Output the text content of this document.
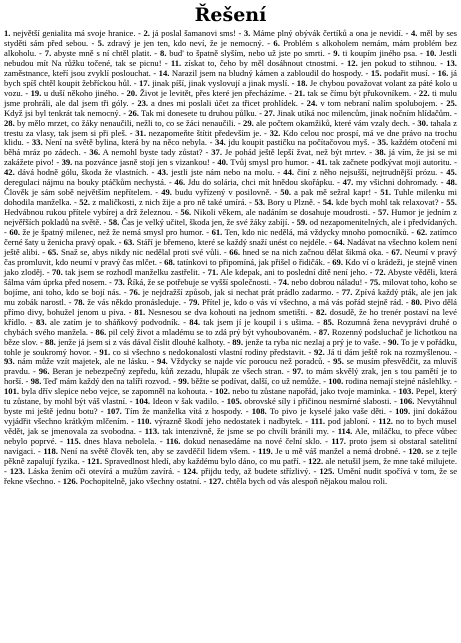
Řešení

1. největší genialita má svoje hranice. - 2. já poslal šamanovi sms! - 3. Máme plný obývák čertíků a ona je nevidí. - 4. měl by ses styděti sám před sebou. - 5. zdravý je jen ten, kdo neví, že je nemocný. - 6. Problém s alkoholem nemám, mám problém bez alkoholu. - 7. abyste mně s ní chtěl platit. - 8. bud' to špatně slyším, nebo už jste po smrti. - 9. ti koupím jiného psa. - 10. Jestli nebudou mít Na růžku točené, tak se picnu! - 11. získat to, čeho by měl dosáhnout ctnostmi. - 12. jen pokud to stihnou. - 13. zaměstnance, kteří jsou zvyklí poslouchat. - 14. Narazil jsem na bludný kámen a zabloudil do hospody. - 15. podařit musí. - 16. já bych spíš chtěl koupit žebříckou hůl. - 17. jinak píší, jinak vyslovují a jinak myslí. - 18. Je chybou považovat volant za páté kolo u vozu. - 19. u duší někoho jiného. - 20. Život je levitět, přes které jen přecházíme. - 21. tak se čímu být přukovníkem. - 22. ti mulu jsme prohráli, ale dal jsem tři góly. - 23. a dnes mi poslali účet za třicet prohlídek. - 24. v tom nebraní nalím spolubojem. - 25. Když jsi byl tenkrát tak nemocný. - 26. Tak mi donesete tu druhou půlku. - 27. Jinak utíká noc milencům, jinak nočním hlídačům. - 28. by mělo mrzet, co žáky nenaučili, nežli to, co se žáci nenaučili. - 29. ale počtem okamžiků, které vám vzaly dech. - 30. tahala z trestu za vlasy, tak jsem si při pleš. - 31. nezapomeňte štítit především je. - 32. Kdo celou noc prospí, má ve dne právo na trochu klidu. - 33. Není na světě bylina, která by na něco nebyla. - 34. jdu koupit pastičku na počítačovou myš. - 35. každém otočení mi běhá mráz po zádech. - 36. A nemohl byste tady zůstat? - 37. Je pohád ještě lepší žvat, než být mrtev. - 38. já vím, že jsi se mi zakážete pivo! - 39. na pozvánce jasně stojí jen s vizankou! - 40. Tvůj smysl pro humor. - 41. tak začnete podkývat moji autoritu. - 42. dává hodně gólu, škoda že vlastních. - 43. jestli jste nám nebo na molu. - 44. činí z něho nejsušší, nejtrudnější prózu. - 45. deregulaci nájmu na bouky ptáčkům nechystá. - 46. Jdu do solária, chci mít hnědou skořápku. - 47. my všichni dohromady. - 48. Člověk je sám sobě největším nepřítelem. - 49. budu vyřízený v posilovně. - 50. a pak mě sežral kapr! - 51. Tuhle milenku mi dohodila manželka. - 52. z maličkosti, z nich žije a pro ně také umírá. - 53. Bory u Plzně. - 54. kde bych mohl tak relaxovat? - 55. Hedvábnou rukou přítele vybírej a drž železnou. - 56. Nikoli věkem, ale nadáním se dosahuje moudrosti. - 57. Humor je jedním z nejvěřších pokladů na světě. - 58. Čas je velký učitel, škoda jen, že své žáky zabíjí. - 59. od nezapomenitelných, ale i předvídaných. - 60. že je špatný milenec, než že nemá smysl pro humor. - 61. Ten, kdo nic nedělá, má vždycky mnoho pomocníků. - 62. zatímco černé šaty u ženicha pravý opak. - 63. Stáří je břemeno, které se každý snaží unést co nejdéle. - 64. Nadávat na všechno kolem není ještě alibi. - 65. Snaž se, abys nikdy nic nedělal proti své vůli. - 66. hned se na nich začnou dělat šikmá oka. - 67. Neumí v pravý čas promluvit, kdo neumí v pravý čas mlčet. - 68. tatínkovi to připomíná, jak přišel o řidičák. - 69. Kdo ví o krádeži, je stejně vinen jako zloděj. - 70. tak jsem se rozhodl manželku zastřelit. - 71. Ale kdepak, ani to poslední dítě není jeho. - 72. Abyste věděli, která šálma vám úprka před nosem. - 73. Říká, že se potřebuje se vyšší společnosti. - 74. nebo dobrou náladu! - 75. milovat toho, koho se bojíme, ani toho, kdo se bojí nás. - 76. je nejdražší způsob, jak si nechat prát prádlo zadarmo. - 77. Zpívá každý pták, ale jen jak mu zobák narostl. - 78. že vás někdo pronásleduje. - 79. Přítel je, kdo o vás ví všechno, a má vás pořád stejně rád. - 80. Pivo dělá přímo divy, bohužel jenom u piva. - 81. Nesnesou se dva kohouti na jednom smetišti. - 82. dosudě, že ho trenér postaví na levé křídlo. - 83. ale zatím je to sháňkový podvodník. - 84. tak jsem jí je koupil i s ušima. - 85. Rozumná žena nevyprávi druhé o chybách svého manžela. - 86. pil celý život a mladému se to zdá prý být vyhoubovaném. - 87. Rozenný podsluchač je lichotkou na běze slov. - 88. jenže já jsem si z vás dával číslit dlouhé kalhoty. - 89. jenže ta ryba nic nezlaj a prý je to vaše. - 90. To je v pořádku, tohle je soukromý hovor. - 91. co si všechno s nedokonalostí vlastní rodiny představit. - 92. Já ti dám ještě rok na rozmyšlenou. - 93. nám může vzít majetek, ale ne lásku. - 94. Vždycky se najde víc poroucu než poradců. - 95. se musím přesvědčit, za mluvíš pravdu. - 96. Beran je nebezpečný zepředu, kůň zezadu, hlupák ze všech stran. - 97. to mám skvělý zrak, jen s tou pamětí je to horší. - 98. Teď mám každý den na talíři rozvod. - 99. běžte se podívat, další, co už nemůže. - 100. rodina nemají stejné náslehlky. - 101. byla dřív slepice nebo vejce, se zapomněl na kohouta. - 102. nebo tu zůstane napořád, jako tvoje maminka. - 103. Pepel, který tu zůstane, by mohl být váš vlastní. - 104. Ideon v šak vadilo. - 105. obrovské síly i přičinou nesmírné slabosti. - 106. Nevytáhnul byste mi ještě jednu botu? - 107. Tím že manželka vítá z hospody. - 108. To pivo je kyselé jako vaše děti. - 109. jiní dokážou vyjádřit všechno krátkým mlčením. - 110. výrazně škodí jeho nedostatek i nadbytek. - 111. pod jabloní. - 112. no to bych musel vědět, jak se jmenovala za svobodna. - 113. tak intenzivně, že jsme se po chvíli bránili my. - 114. Ale, miláčku, to přece vůbec nebylo poprvé. - 115. dnes hlava nebolela. - 116. dokud nenasedáme na nové čelní sklo. - 117. proto jsem si obstaral satelitní navigaci. - 118. Není na světě člověk ten, aby se zavděčil lidem všem. - 119. Je u mě váš manžel a nemá drobné. - 120. se z tejle pěkně zapalují fyzika. - 121. Spravedlnost hledí, aby každému bylo dáno, co mu patří. - 122. ale netušil jsem, že mne také milujete. - 123. Láska žením oči otevírá a mužům zavírá. - 124. přijdu tedy, až budete střízlivý. - 125. Umění nudit spočívá v tom, že se řekne všechno. - 126. Pochopitelně, jako všechny ostatní. - 127. chtěla bych od vás alespoň nějakou malou roli.
